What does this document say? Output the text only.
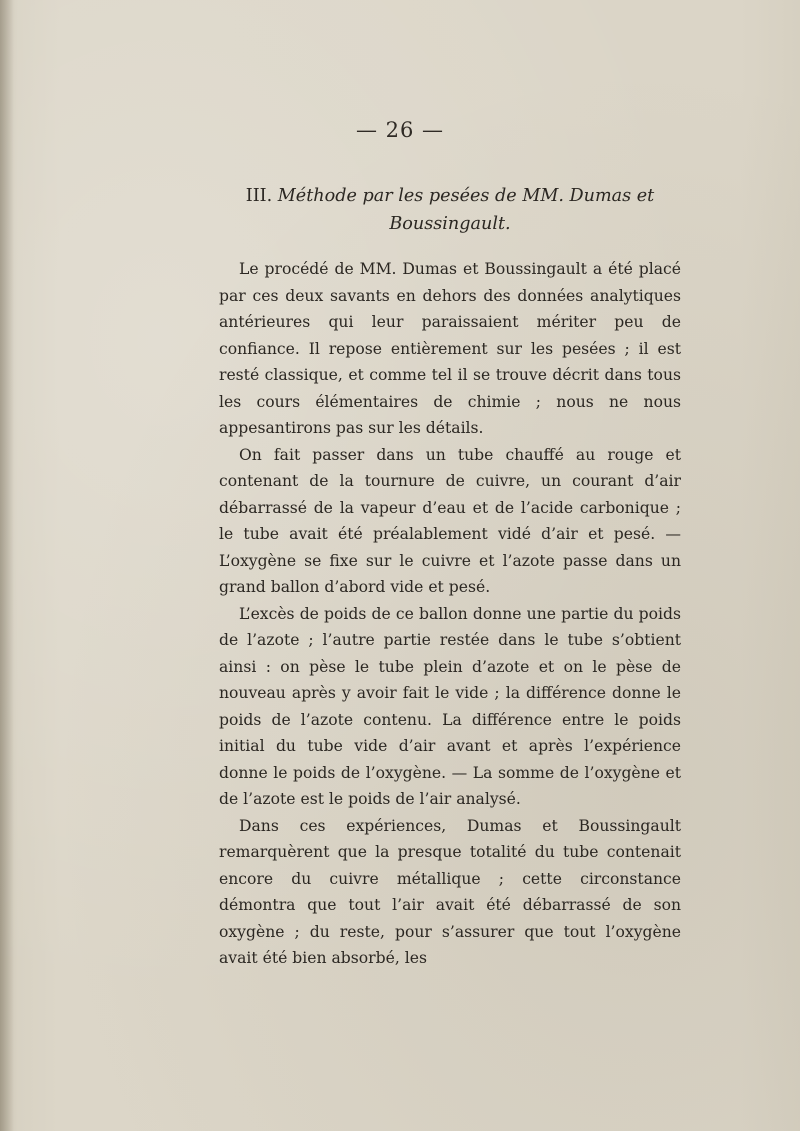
— 26 —
III. Méthode par les pesées de MM. Dumas et Boussingault.

Le procédé de MM. Dumas et Boussingault a été placé par ces deux savants en dehors des données analytiques antérieures qui leur paraissaient mériter peu de confiance. Il repose entièrement sur les pesées ; il est resté classique, et comme tel il se trouve décrit dans tous les cours élémentaires de chimie ; nous ne nous appesantirons pas sur les détails.

On fait passer dans un tube chauffé au rouge et contenant de la tournure de cuivre, un courant d’air débarrassé de la vapeur d’eau et de l’acide carbonique ; le tube avait été préalablement vidé d’air et pesé. — L’oxygène se fixe sur le cuivre et l’azote passe dans un grand ballon d’abord vide et pesé.

L’excès de poids de ce ballon donne une partie du poids de l’azote ; l’autre partie restée dans le tube s’obtient ainsi : on pèse le tube plein d’azote et on le pèse de nouveau après y avoir fait le vide ; la différence donne le poids de l’azote contenu. La différence entre le poids initial du tube vide d’air avant et après l’expérience donne le poids de l’oxygène. — La somme de l’oxygène et de l’azote est le poids de l’air analysé.

Dans ces expériences, Dumas et Boussingault remarquèrent que la presque totalité du tube contenait encore du cuivre métallique ; cette circonstance démontra que tout l’air avait été débarrassé de son oxygène ; du reste, pour s’assurer que tout l’oxygène avait été bien absorbé, les
